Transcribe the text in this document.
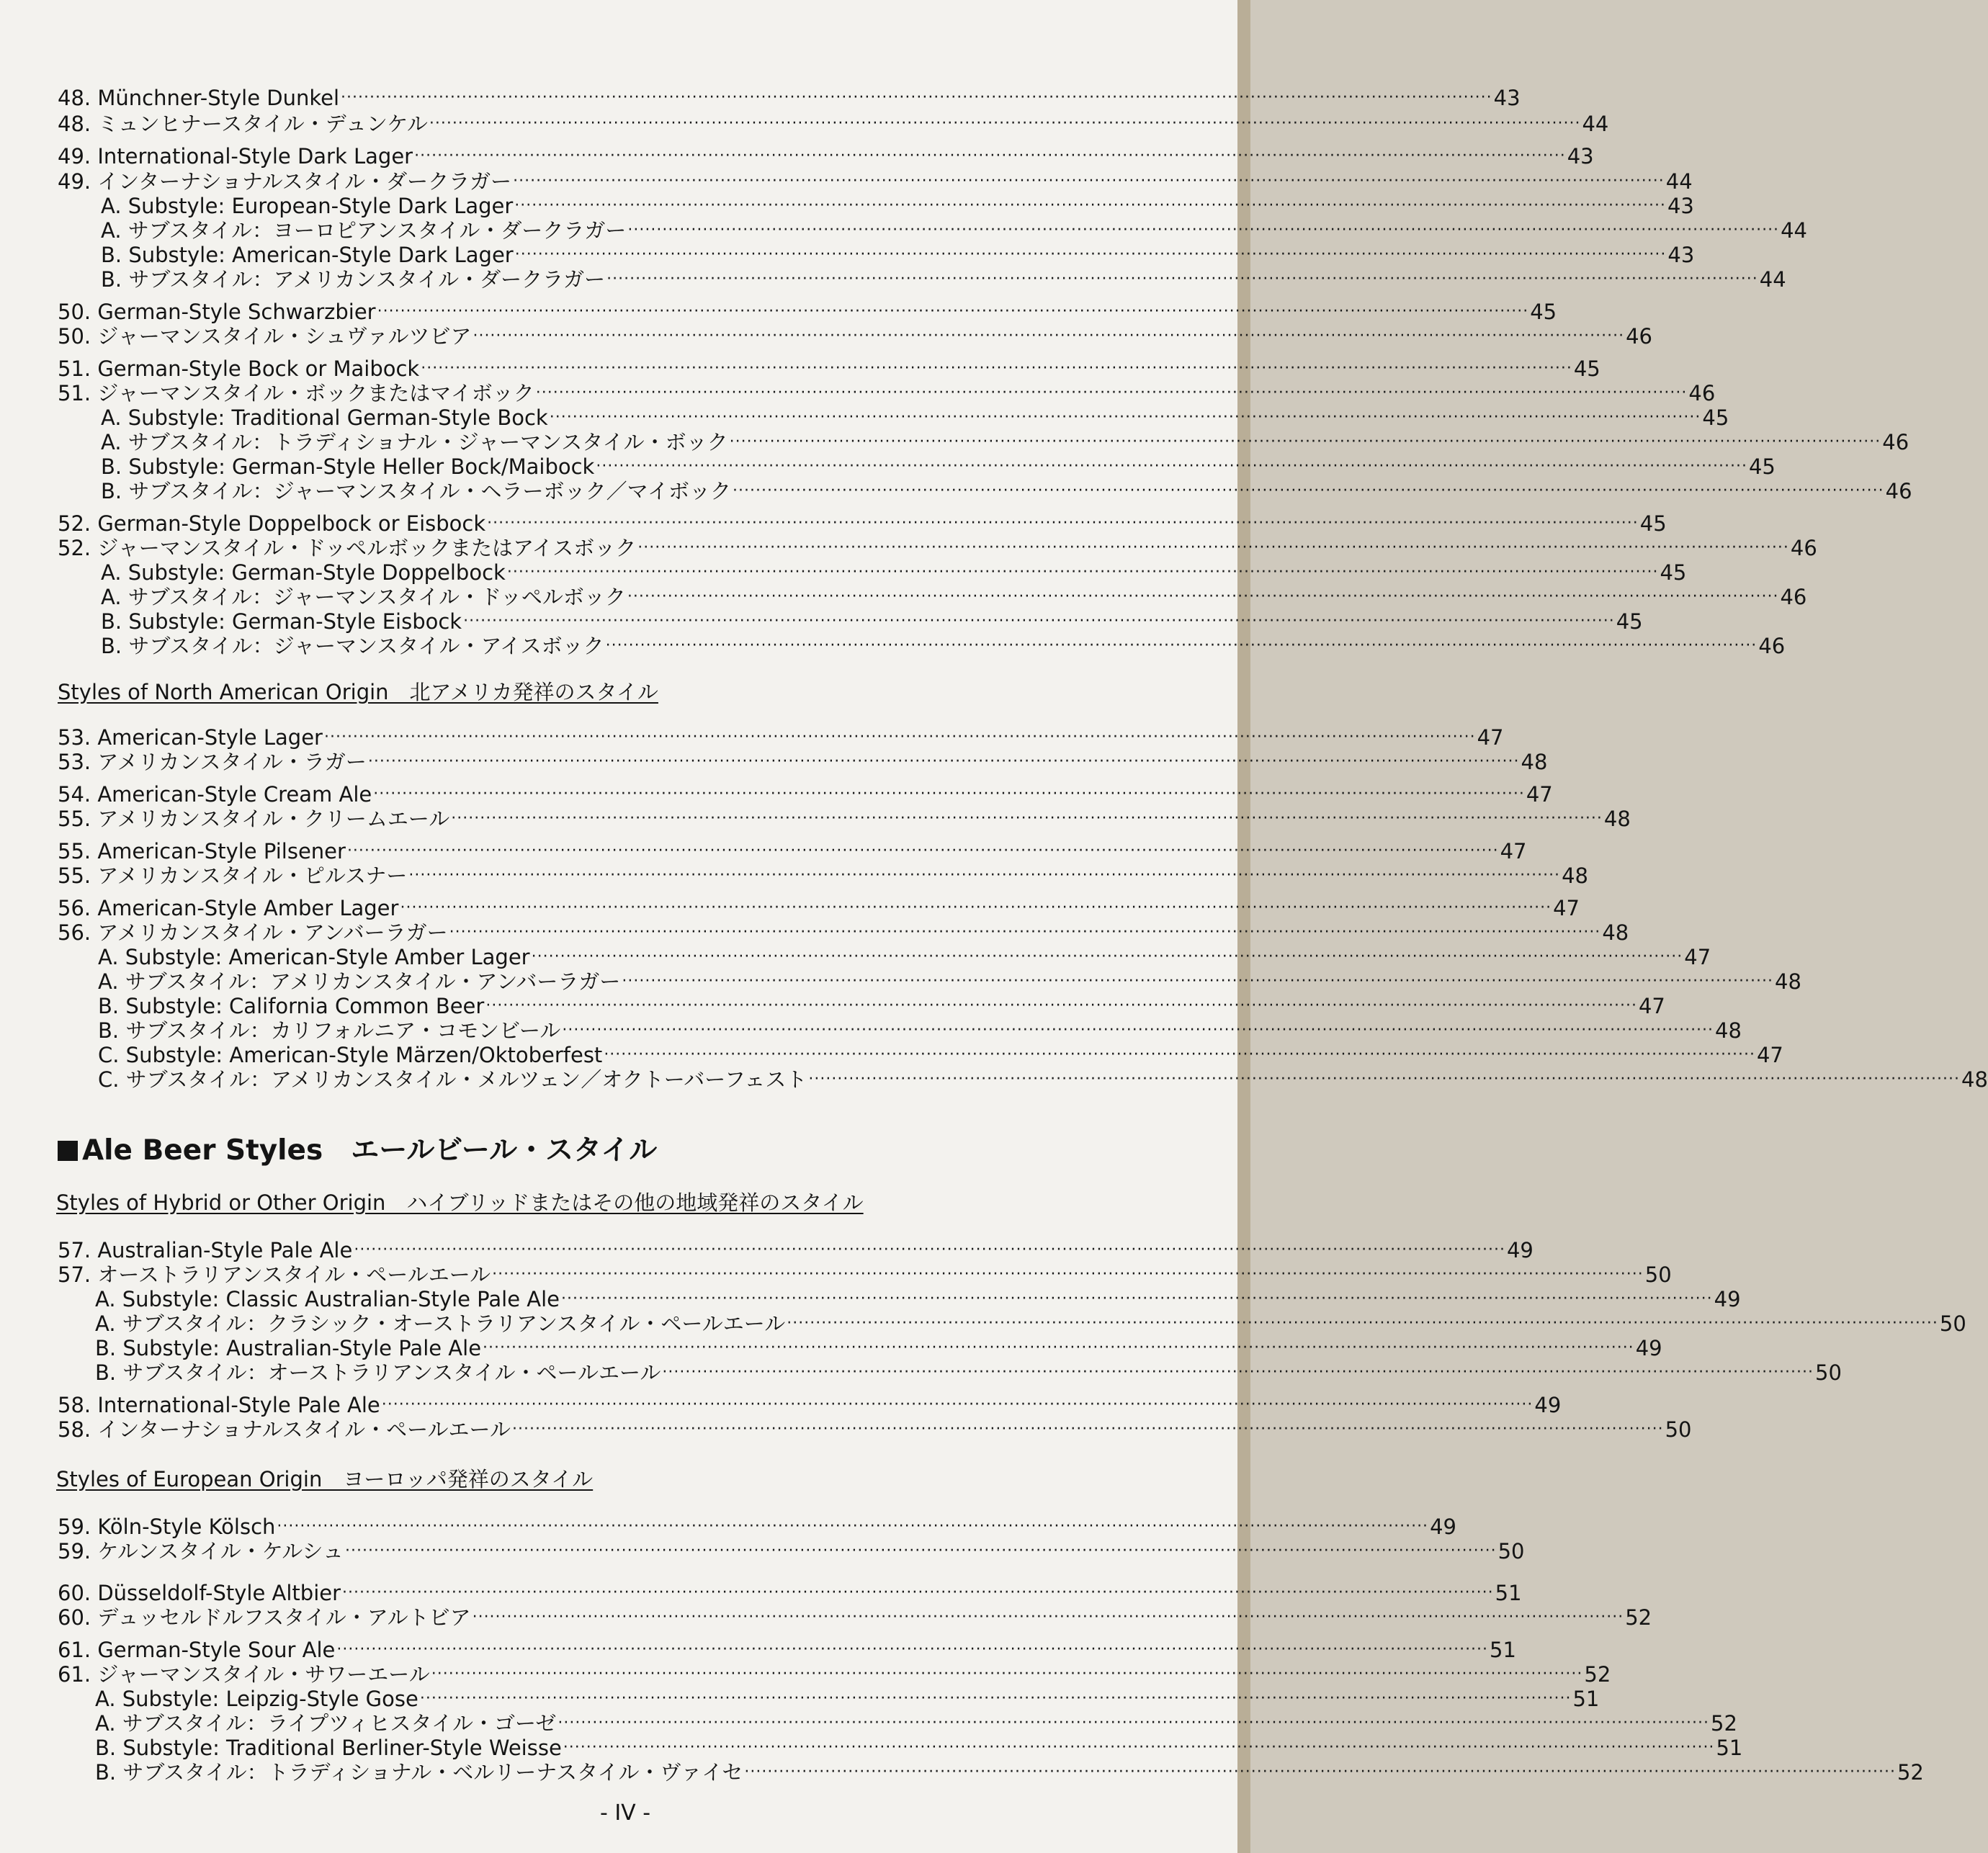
48. Münchner-Style Dunkel ········································································································································································································ 43
48. ミュンヒナースタイル・デュンケル ········································································································································································································ 44
49. International-Style Dark Lager ········································································································································································································ 43
49. インターナショナルスタイル・ダークラガー ········································································································································································································ 44
A. Substyle: European-Style Dark Lager ········································································································································································································ 43
A. サブスタイル：ヨーロピアンスタイル・ダークラガー ········································································································································································································ 44
B. Substyle: American-Style Dark Lager ········································································································································································································ 43
B. サブスタイル：アメリカンスタイル・ダークラガー ········································································································································································································ 44
50. German-Style Schwarzbier ········································································································································································································ 45
50. ジャーマンスタイル・シュヴァルツビア ········································································································································································································ 46
51. German-Style Bock or Maibock ········································································································································································································ 45
51. ジャーマンスタイル・ボックまたはマイボック ········································································································································································································ 46
A. Substyle: Traditional German-Style Bock ········································································································································································································ 45
A. サブスタイル：トラディショナル・ジャーマンスタイル・ボック ········································································································································································································ 46
B. Substyle: German-Style Heller Bock/Maibock ········································································································································································································ 45
B. サブスタイル：ジャーマンスタイル・ヘラーボック／マイボック ········································································································································································································ 46
52. German-Style Doppelbock or Eisbock ········································································································································································································ 45
52. ジャーマンスタイル・ドッペルボックまたはアイスボック ········································································································································································································ 46
A. Substyle: German-Style Doppelbock ········································································································································································································ 45
A. サブスタイル：ジャーマンスタイル・ドッペルボック ········································································································································································································ 46
B. Substyle: German-Style Eisbock ········································································································································································································ 45
B. サブスタイル：ジャーマンスタイル・アイスボック ········································································································································································································ 46
Styles of North American Origin　北アメリカ発祥のスタイル
53. American-Style Lager ········································································································································································································ 47
53. アメリカンスタイル・ラガー ········································································································································································································ 48
54. American-Style Cream Ale ········································································································································································································ 47
55. アメリカンスタイル・クリームエール ········································································································································································································ 48
55. American-Style Pilsener ········································································································································································································ 47
55. アメリカンスタイル・ピルスナー ········································································································································································································ 48
56. American-Style Amber Lager ········································································································································································································ 47
56. アメリカンスタイル・アンバーラガー ········································································································································································································ 48
A. Substyle: American-Style Amber Lager ········································································································································································································ 47
A. サブスタイル：アメリカンスタイル・アンバーラガー ········································································································································································································ 48
B. Substyle: California Common Beer ········································································································································································································ 47
B. サブスタイル：カリフォルニア・コモンビール ········································································································································································································ 48
C. Substyle: American-Style Märzen/Oktoberfest ········································································································································································································ 47
C. サブスタイル：アメリカンスタイル・メルツェン／オクトーバーフェスト ········································································································································································································ 48
Ale Beer Styles　エールビール・スタイル
Styles of Hybrid or Other Origin　ハイブリッドまたはその他の地域発祥のスタイル
57. Australian-Style Pale Ale ········································································································································································································ 49
57. オーストラリアンスタイル・ペールエール ········································································································································································································ 50
A. Substyle: Classic Australian-Style Pale Ale ········································································································································································································ 49
A. サブスタイル：クラシック・オーストラリアンスタイル・ペールエール ········································································································································································································ 50
B. Substyle: Australian-Style Pale Ale ········································································································································································································ 49
B. サブスタイル：オーストラリアンスタイル・ペールエール ········································································································································································································ 50
58. International-Style Pale Ale ········································································································································································································ 49
58. インターナショナルスタイル・ペールエール ········································································································································································································ 50
Styles of European Origin　ヨーロッパ発祥のスタイル
59. Köln-Style Kölsch ········································································································································································································ 49
59. ケルンスタイル・ケルシュ ········································································································································································································ 50
60. Düsseldolf-Style Altbier ········································································································································································································ 51
60. デュッセルドルフスタイル・アルトビア ········································································································································································································ 52
61. German-Style Sour Ale ········································································································································································································ 51
61. ジャーマンスタイル・サワーエール ········································································································································································································ 52
A. Substyle: Leipzig-Style Gose ········································································································································································································ 51
A. サブスタイル：ライプツィヒスタイル・ゴーゼ ········································································································································································································ 52
B. Substyle: Traditional Berliner-Style Weisse ········································································································································································································ 51
B. サブスタイル：トラディショナル・ベルリーナスタイル・ヴァイセ ········································································································································································································ 52
- IV -
